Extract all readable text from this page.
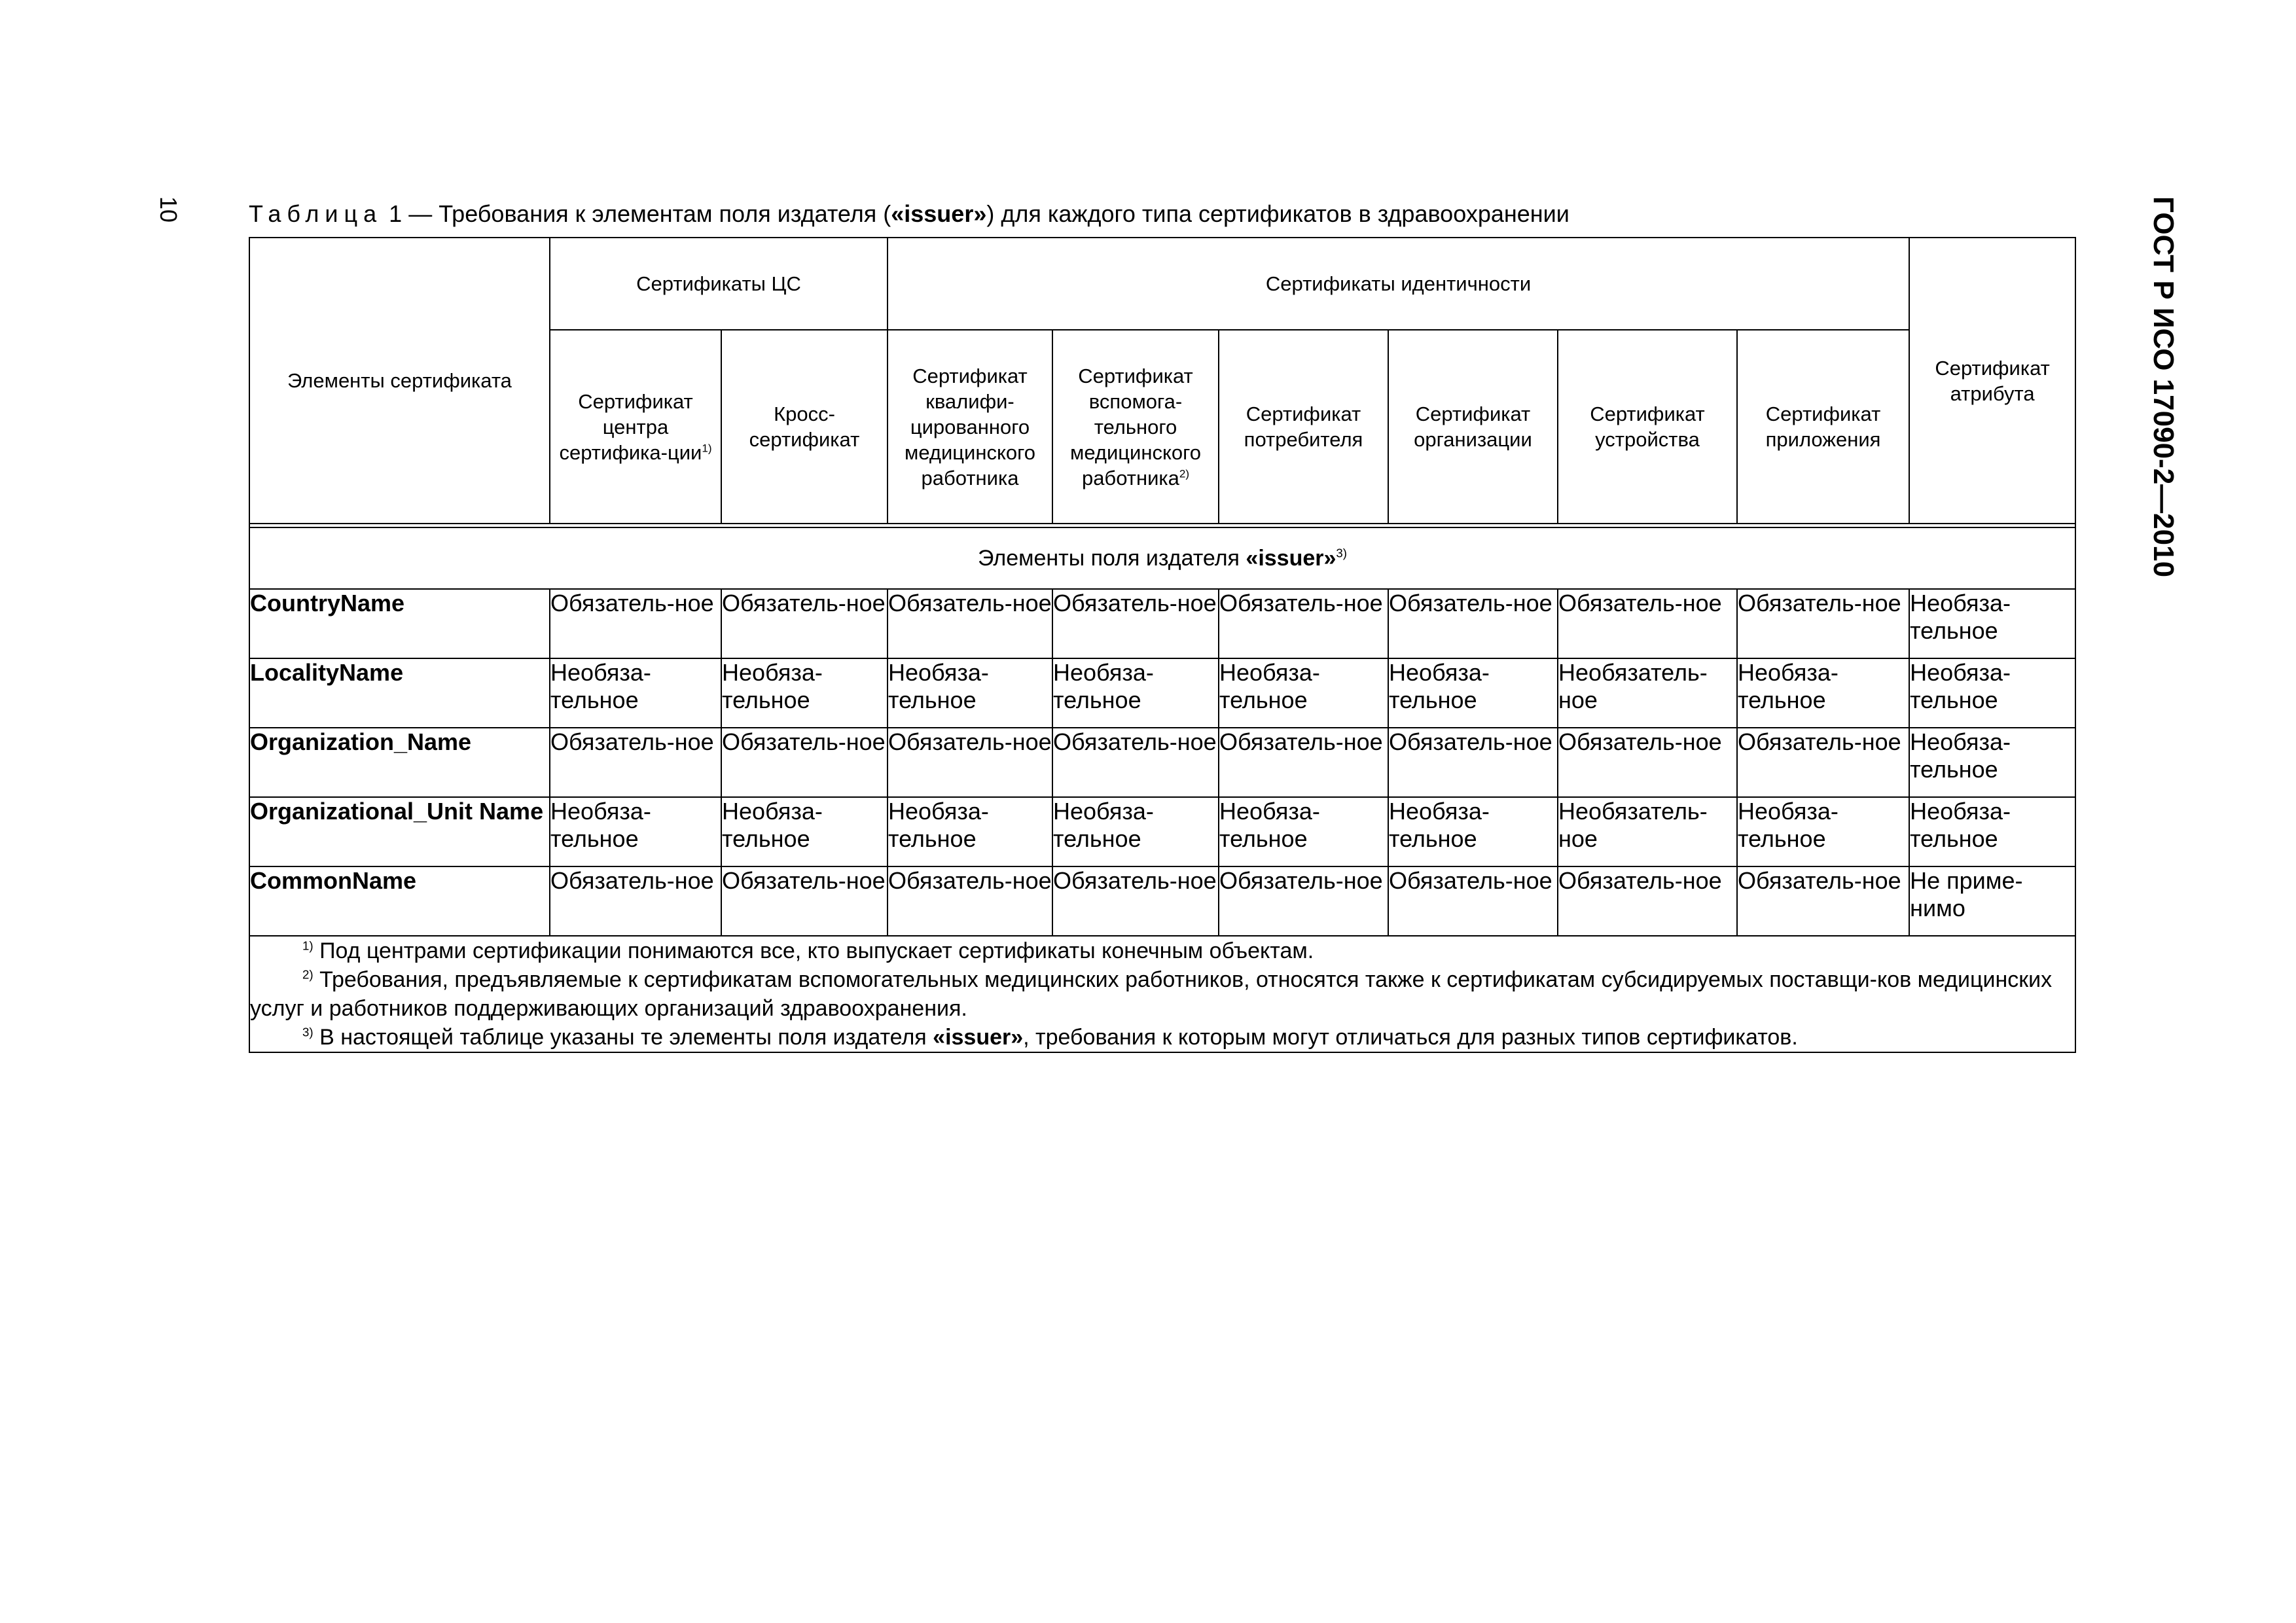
10	ГОСТ Р ИСО 17090-2—2010
Таблица 1 — Требования к элементам поля издателя («issuer») для каждого типа сертификатов в здравоохранении
Элементы сертификата	Сертификаты ЦС		Сертификаты идентичности						Сертификат атрибута
	Сертификат центра сертифика-ции$^{1)}$	Кросс-сертификат	Сертификат квалифи-цированного медицинского работника	Сертификат вспомога-тельного медицинского работника$^{2)}$	Сертификат потребителя	Сертификат организации	Сертификат устройства	Сертификат приложения	

Элементы поля издателя «issuer»$^{3)}$
CountryName	Обязатель-ное	Обязатель-ное	Обязатель-ное	Обязатель-ное	Обязатель-ное	Обязатель-ное	Обязатель-ное	Обязатель-ное	Необяза-тельное
LocalityName	Необяза-тельное	Необяза-тельное	Необяза-тельное	Необяза-тельное	Необяза-тельное	Необяза-тельное	Необязатель-ное	Необяза-тельное	Необяза-тельное
Organization_Name	Обязатель-ное	Обязатель-ное	Обязатель-ное	Обязатель-ное	Обязатель-ное	Обязатель-ное	Обязатель-ное	Обязатель-ное	Необяза-тельное
Organizational_Unit Name	Необяза-тельное	Необяза-тельное	Необяза-тельное	Необяза-тельное	Необяза-тельное	Необяза-тельное	Необязатель-ное	Необяза-тельное	Необяза-тельное
CommonName	Обязатель-ное	Обязатель-ное	Обязатель-ное	Обязатель-ное	Обязатель-ное	Обязатель-ное	Обязатель-ное	Обязатель-ное	Не приме-нимо

$^{1)}$ Под центрами сертификации понимаются все, кто выпускает сертификаты конечным объектам.

$^{2)}$ Требования, предъявляемые к сертификатам вспомогательных медицинских работников, относятся также к сертификатам субсидируемых поставщи-ков медицинских услуг и работников поддерживающих организаций здравоохранения.

$^{3)}$ В настоящей таблице указаны те элементы поля издателя «issuer», требования к которым могут отличаться для разных типов сертификатов.									
